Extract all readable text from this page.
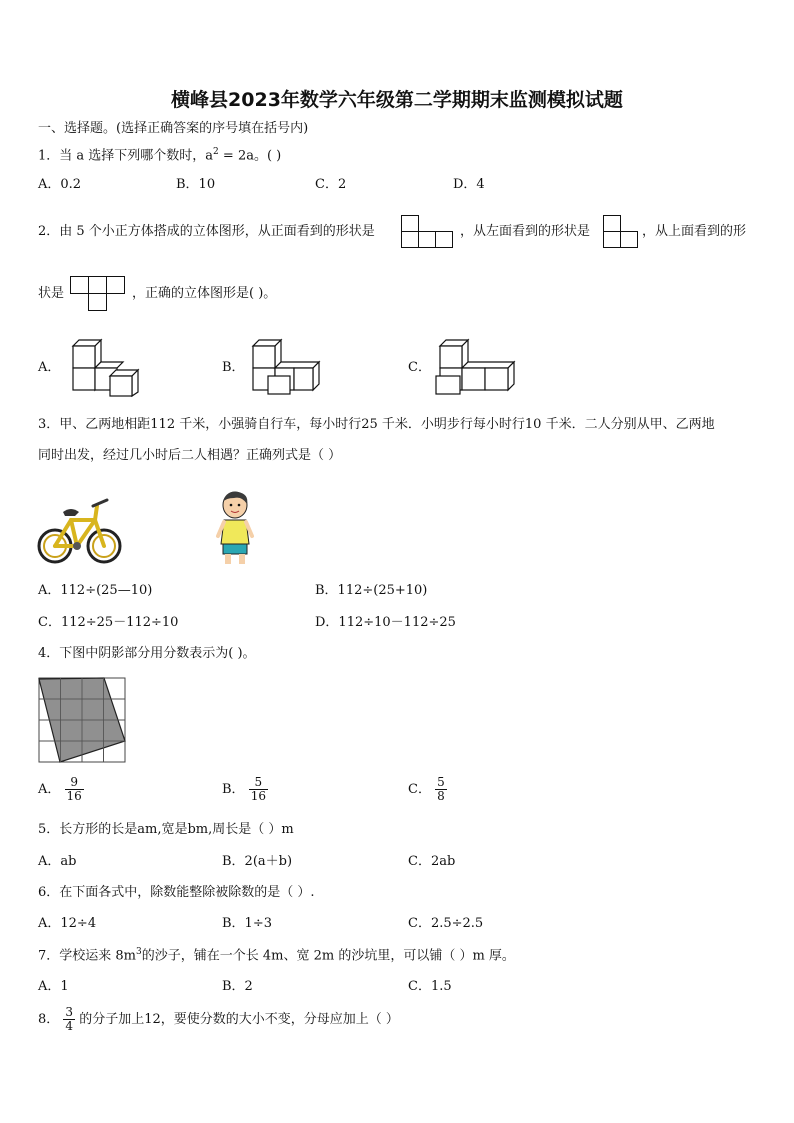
横峰县2023年数学六年级第二学期期末监测模拟试题
一、选择题。(选择正确答案的序号填在括号内)
1．当 a 选择下列哪个数时，$a^2 = 2a$。( )
A．0.2	B．10	C．2	D．4
2．由 5 个小正方体搭成的立体图形，从正面看到的形状是	，从左面看到的形状是	，从上面看到的形
状是	，正确的立体图形是( )。
A．	B．	C．
3．甲、乙两地相距112 千米，小强骑自行车，每小时行25 千米．小明步行每小时行10 千米．二人分别从甲、乙两地
同时出发，经过几小时后二人相遇？正确列式是（ ）
A．112÷(25—10)	B．112÷(25+10)
C．112÷25－112÷10	D．112÷10－112÷25
4．下图中阴影部分用分数表示为( )。
A． $\frac{9}{16}$	B． $\frac{5}{16}$	C． $\frac{5}{8}$
5．长方形的长是am,宽是bm,周长是（ ）m
A．ab	B．2(a＋b)	C．2ab
6．在下面各式中，除数能整除被除数的是（ ）.
A．12÷4	B．1÷3	C．2.5÷2.5
7．学校运来 $8m^3$的沙子，铺在一个长 4m、宽 2m 的沙坑里，可以铺（ ）m 厚。
A．1	B．2	C．1.5
8． $\frac{3}{4}$ 的分子加上12，要使分数的大小不变，分母应加上（ ）
